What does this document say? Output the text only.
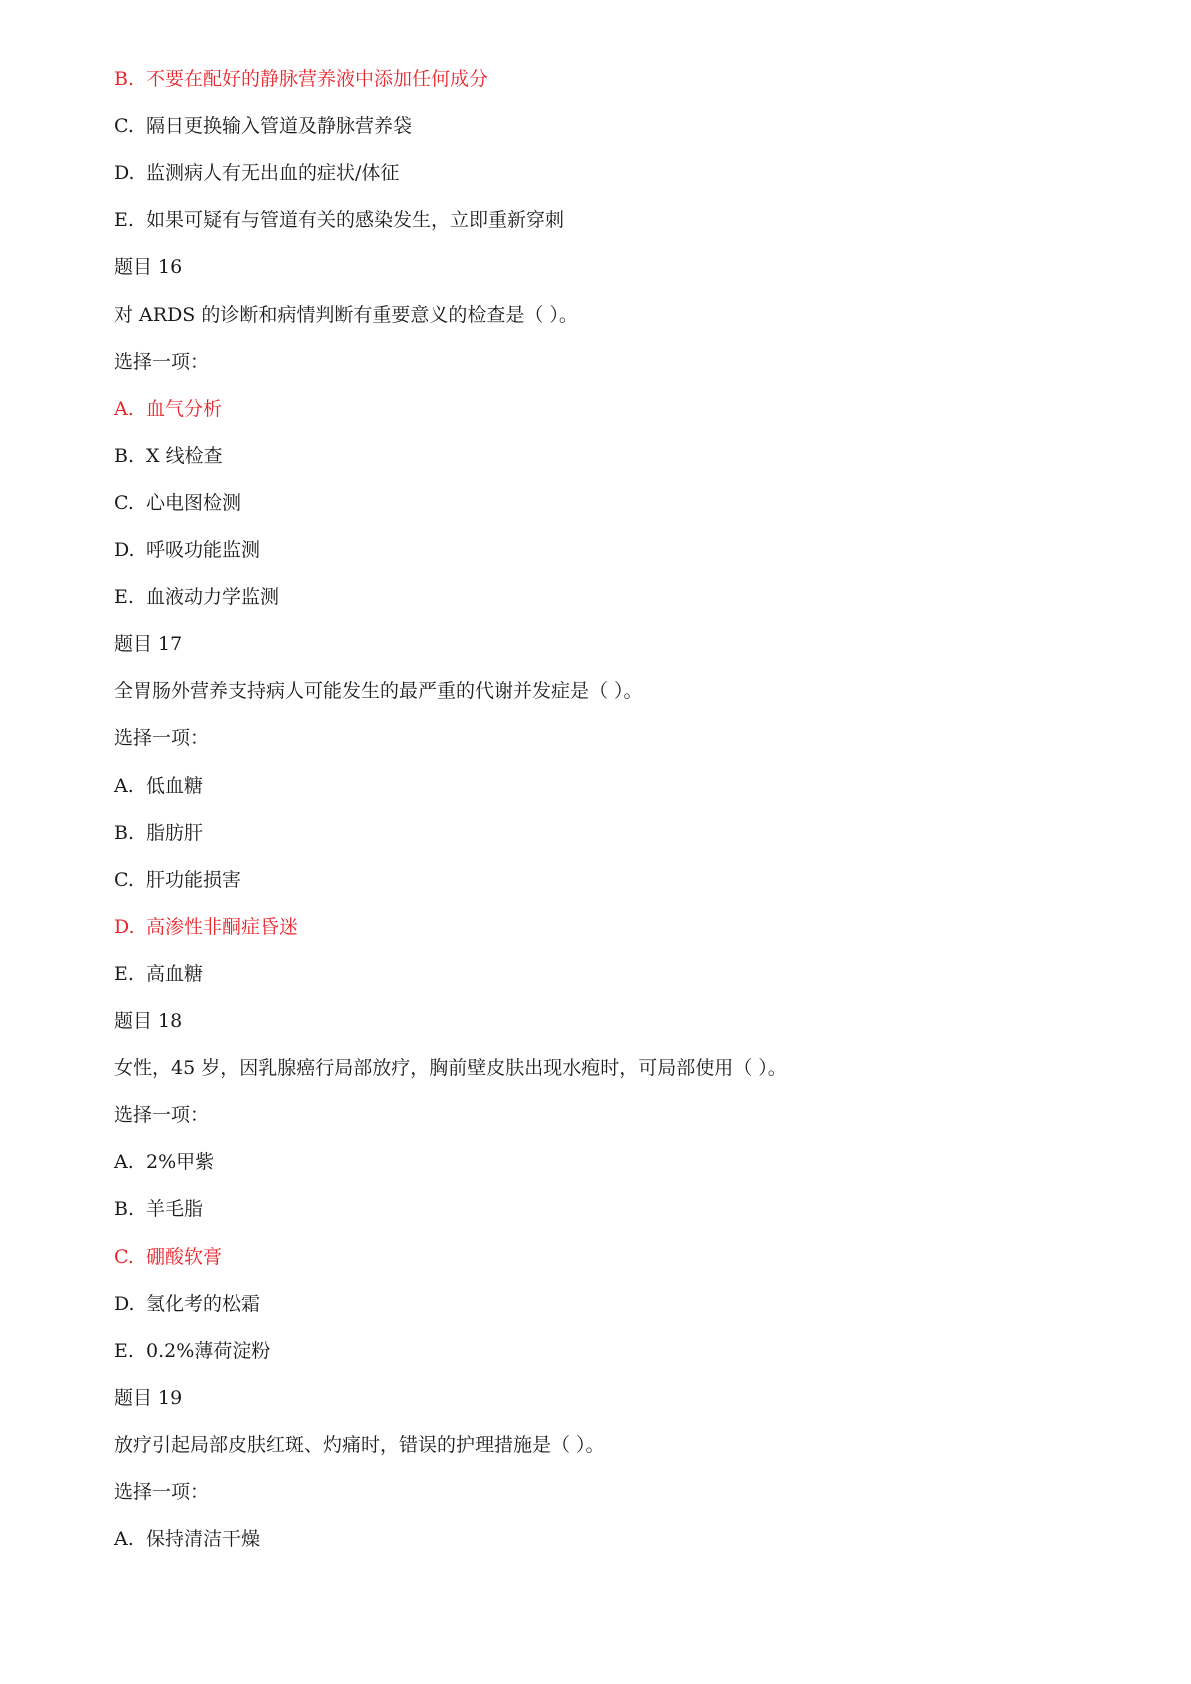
B. 不要在配好的静脉营养液中添加任何成分
C. 隔日更换输入管道及静脉营养袋
D. 监测病人有无出血的症状/体征
E. 如果可疑有与管道有关的感染发生，立即重新穿刺
题目 16
对 ARDS 的诊断和病情判断有重要意义的检查是（ ）。
选择一项：
A. 血气分析
B. X 线检查
C. 心电图检测
D. 呼吸功能监测
E. 血液动力学监测
题目 17
全胃肠外营养支持病人可能发生的最严重的代谢并发症是（ ）。
选择一项：
A. 低血糖
B. 脂肪肝
C. 肝功能损害
D. 高渗性非酮症昏迷
E. 高血糖
题目 18
女性，45 岁，因乳腺癌行局部放疗，胸前壁皮肤出现水疱时，可局部使用（ ）。
选择一项：
A. 2%甲紫
B. 羊毛脂
C. 硼酸软膏
D. 氢化考的松霜
E. 0.2%薄荷淀粉
题目 19
放疗引起局部皮肤红斑、灼痛时，错误的护理措施是（ ）。
选择一项：
A. 保持清洁干燥
